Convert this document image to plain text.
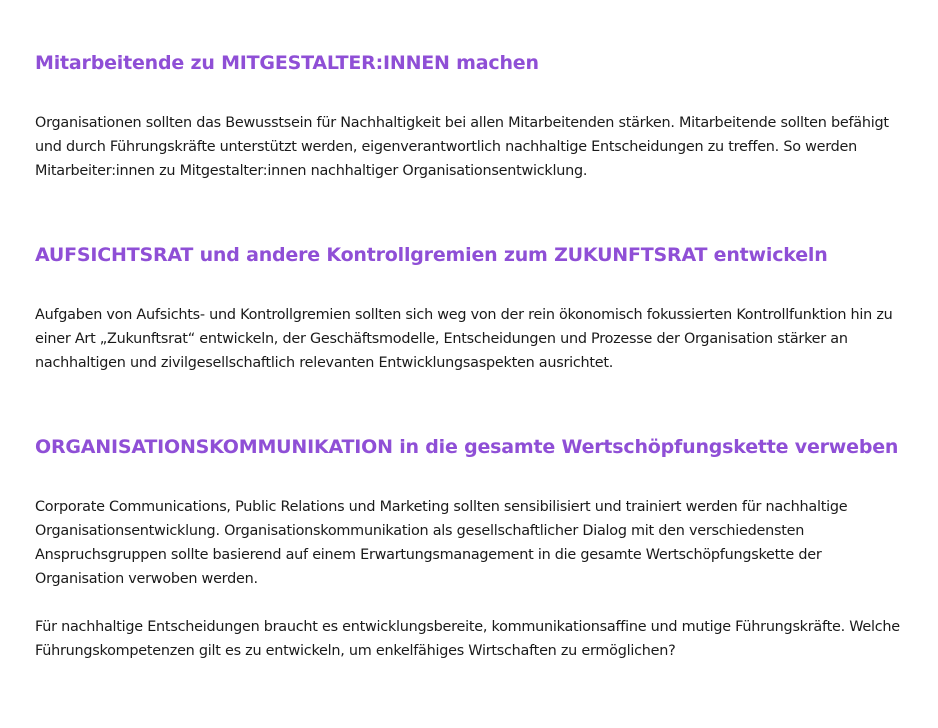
Mitarbeitende zu MITGESTALTER:INNEN machen

Organisationen sollten das Bewusstsein für Nachhaltigkeit bei allen Mitarbeitenden stärken. Mitarbeitende sollten befähigt und durch Führungskräfte unterstützt werden, eigenverantwortlich nachhaltige Entscheidungen zu treffen. So werden Mitarbeiter:innen zu Mitgestalter:innen nachhaltiger Organisationsentwicklung.

AUFSICHTSRAT und andere Kontrollgremien zum ZUKUNFTSRAT entwickeln

Aufgaben von Aufsichts- und Kontrollgremien sollten sich weg von der rein ökonomisch fokussierten Kontrollfunktion hin zu einer Art „Zukunftsrat“ entwickeln, der Geschäftsmodelle, Entscheidungen und Prozesse der Organisation stärker an nachhaltigen und zivilgesellschaftlich relevanten Entwicklungsaspekten ausrichtet.

ORGANISATIONSKOMMUNIKATION in die gesamte Wertschöpfungskette verweben

Corporate Communications, Public Relations und Marketing sollten sensibilisiert und trainiert werden für nachhaltige Organisationsentwicklung. Organisationskommunikation als gesellschaftlicher Dialog mit den verschiedensten Anspruchsgruppen sollte basierend auf einem Erwartungsmanagement in die gesamte Wertschöpfungskette der Organisation verwoben werden.

Für nachhaltige Entscheidungen braucht es entwicklungsbereite, kommunikationsaffine und mutige Führungskräfte. Welche Führungskompetenzen gilt es zu entwickeln, um enkelfähiges Wirtschaften zu ermöglichen?
